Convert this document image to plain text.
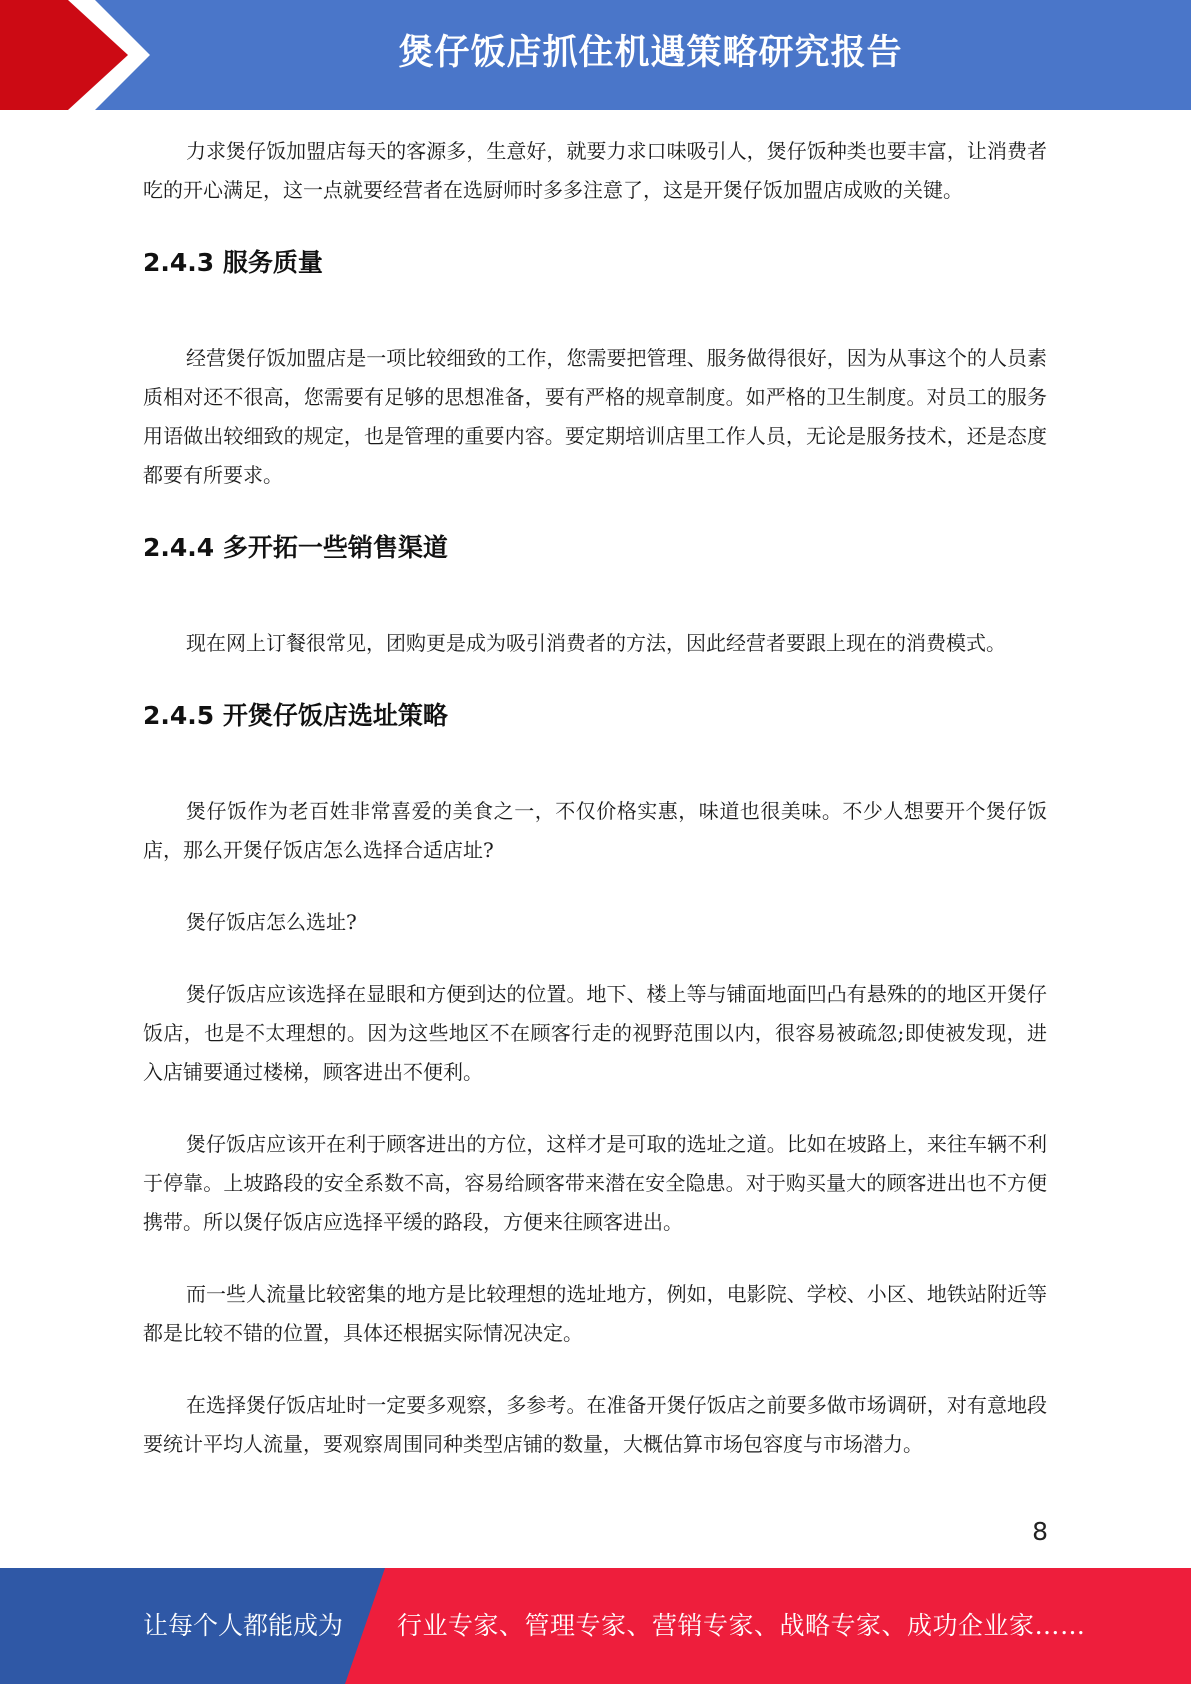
煲仔饭店抓住机遇策略研究报告

力求煲仔饭加盟店每天的客源多，生意好，就要力求口味吸引人，煲仔饭种类也要丰富，让消费者吃的开心满足，这一点就要经营者在选厨师时多多注意了，这是开煲仔饭加盟店成败的关键。

2.4.3 服务质量

经营煲仔饭加盟店是一项比较细致的工作，您需要把管理、服务做得很好，因为从事这个的人员素质相对还不很高，您需要有足够的思想准备，要有严格的规章制度。如严格的卫生制度。对员工的服务用语做出较细致的规定，也是管理的重要内容。要定期培训店里工作人员，无论是服务技术，还是态度都要有所要求。

2.4.4 多开拓一些销售渠道

现在网上订餐很常见，团购更是成为吸引消费者的方法，因此经营者要跟上现在的消费模式。

2.4.5 开煲仔饭店选址策略

煲仔饭作为老百姓非常喜爱的美食之一，不仅价格实惠，味道也很美味。不少人想要开个煲仔饭店，那么开煲仔饭店怎么选择合适店址?

煲仔饭店怎么选址?

煲仔饭店应该选择在显眼和方便到达的位置。地下、楼上等与铺面地面凹凸有悬殊的的地区开煲仔饭店，也是不太理想的。因为这些地区不在顾客行走的视野范围以内，很容易被疏忽;即使被发现，进入店铺要通过楼梯，顾客进出不便利。

煲仔饭店应该开在利于顾客进出的方位，这样才是可取的选址之道。比如在坡路上，来往车辆不利于停靠。上坡路段的安全系数不高，容易给顾客带来潜在安全隐患。对于购买量大的顾客进出也不方便携带。所以煲仔饭店应选择平缓的路段，方便来往顾客进出。

而一些人流量比较密集的地方是比较理想的选址地方，例如，电影院、学校、小区、地铁站附近等都是比较不错的位置，具体还根据实际情况决定。

在选择煲仔饭店址时一定要多观察，多参考。在准备开煲仔饭店之前要多做市场调研，对有意地段要统计平均人流量，要观察周围同种类型店铺的数量，大概估算市场包容度与市场潜力。

8
让每个人都能成为 行业专家、管理专家、营销专家、战略专家、成功企业家……
